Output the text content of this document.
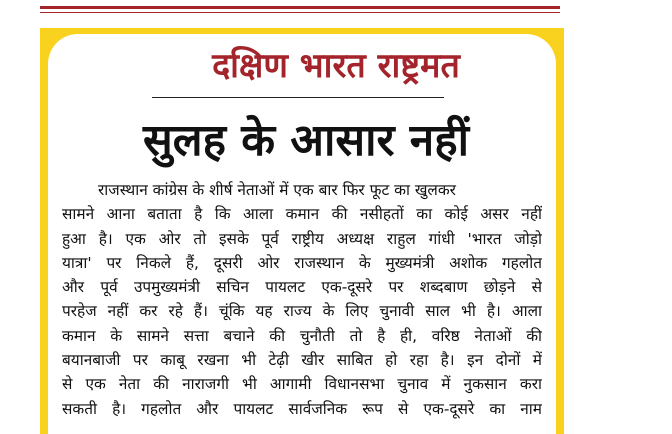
दक्षिण भारत राष्ट्रमत
सुलह के आसार नहीं
राजस्थान कांग्रेस के शीर्ष नेताओं में एक बार फिर फूट का खुलकर
सामने आना बताता है कि आला कमान की नसीहतों का कोई असर नहीं
हुआ है। एक ओर तो इसके पूर्व राष्ट्रीय अध्यक्ष राहुल गांधी 'भारत जोड़ो
यात्रा' पर निकले हैं, दूसरी ओर राजस्थान के मुख्यमंत्री अशोक गहलोत
और पूर्व उपमुख्यमंत्री सचिन पायलट एक-दूसरे पर शब्दबाण छोड़ने से
परहेज नहीं कर रहे हैं। चूंकि यह राज्य के लिए चुनावी साल भी है। आला
कमान के सामने सत्ता बचाने की चुनौती तो है ही, वरिष्ठ नेताओं की
बयानबाजी पर काबू रखना भी टेढ़ी खीर साबित हो रहा है। इन दोनों में
से एक नेता की नाराजगी भी आगामी विधानसभा चुनाव में नुकसान करा
सकती है। गहलोत और पायलट सार्वजनिक रूप से एक-दूसरे का नाम
